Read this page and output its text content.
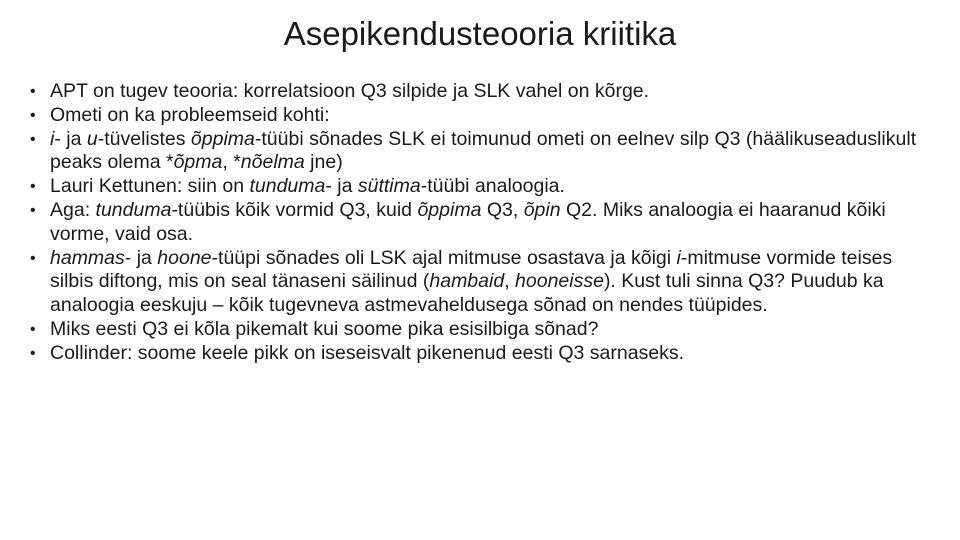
Asepikendusteooria kriitika
• APT on tugev teooria: korrelatsioon Q3 silpide ja SLK vahel on kõrge.
• Ometi on ka probleemseid kohti:
• i- ja u-tüvelistes õppima-tüübi sõnades SLK ei toimunud ometi on eelnev silp Q3 (häälikuseaduslikult peaks olema *õpma, *nõelma jne)
• Lauri Kettunen: siin on tunduma- ja süttima-tüübi analoogia.
• Aga: tunduma-tüübis kõik vormid Q3, kuid õppima Q3, õpin Q2. Miks analoogia ei haaranud kõiki vorme, vaid osa.
• hammas- ja hoone-tüüpi sõnades oli LSK ajal mitmuse osastava ja kõigi i-mitmuse vormide teises silbis diftong, mis on seal tänaseni säilinud (hambaid, hooneisse). Kust tuli sinna Q3? Puudub ka analoogia eeskuju – kõik tugevneva astmevaheldusega sõnad on nendes tüüpides.
• Miks eesti Q3 ei kõla pikemalt kui soome pika esisilbiga sõnad?
• Collinder: soome keele pikk on iseseisvalt pikenenud eesti Q3 sarnaseks.
